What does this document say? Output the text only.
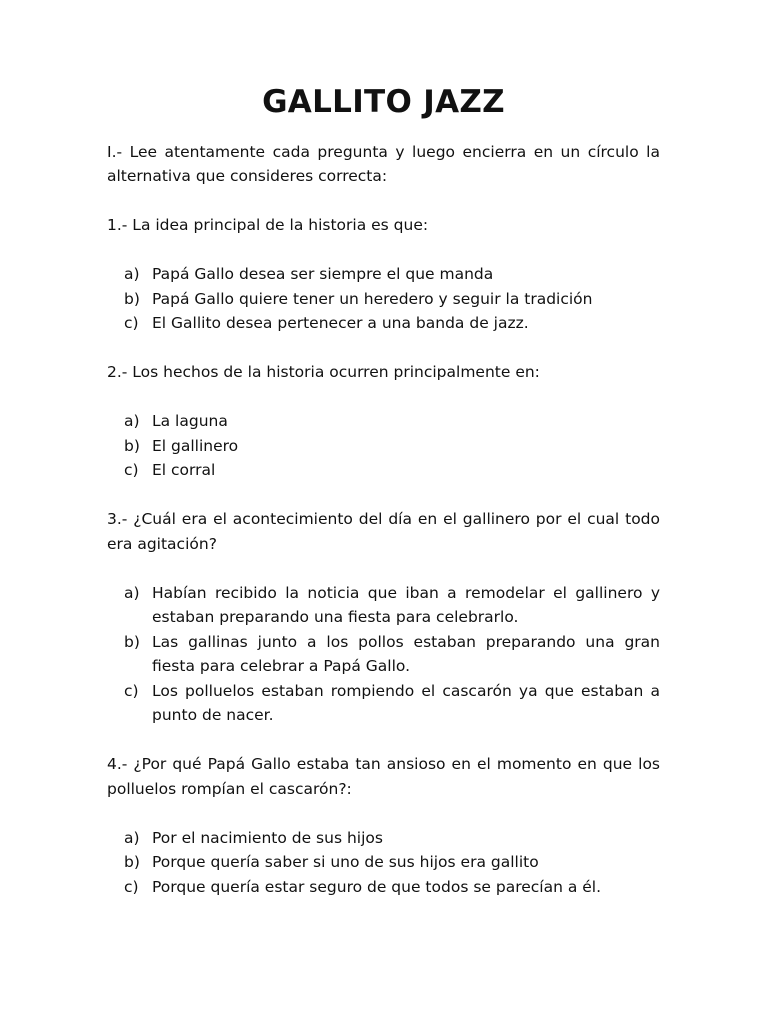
GALLITO JAZZ

I.- Lee atentamente cada pregunta y luego encierra en un círculo la alternativa que consideres correcta:

1.- La idea principal de la historia es que:

a) Papá Gallo desea ser siempre el que manda
b) Papá Gallo quiere tener un heredero y seguir la tradición
c) El Gallito desea pertenecer a una banda de jazz.

2.- Los hechos de la historia ocurren principalmente en:

a) La laguna
b) El gallinero
c) El corral

3.- ¿Cuál era el acontecimiento del día en el gallinero por el cual todo era agitación?

a) Habían recibido la noticia que iban a remodelar el gallinero y estaban preparando una fiesta para celebrarlo.
b) Las gallinas junto a los pollos estaban preparando una gran fiesta para celebrar a Papá Gallo.
c) Los polluelos estaban rompiendo el cascarón ya que estaban a punto de nacer.

4.- ¿Por qué Papá Gallo estaba tan ansioso en el momento en que los polluelos rompían el cascarón?:

a) Por el nacimiento de sus hijos
b) Porque quería saber si uno de sus hijos era gallito
c) Porque quería estar seguro de que todos se parecían a él.
